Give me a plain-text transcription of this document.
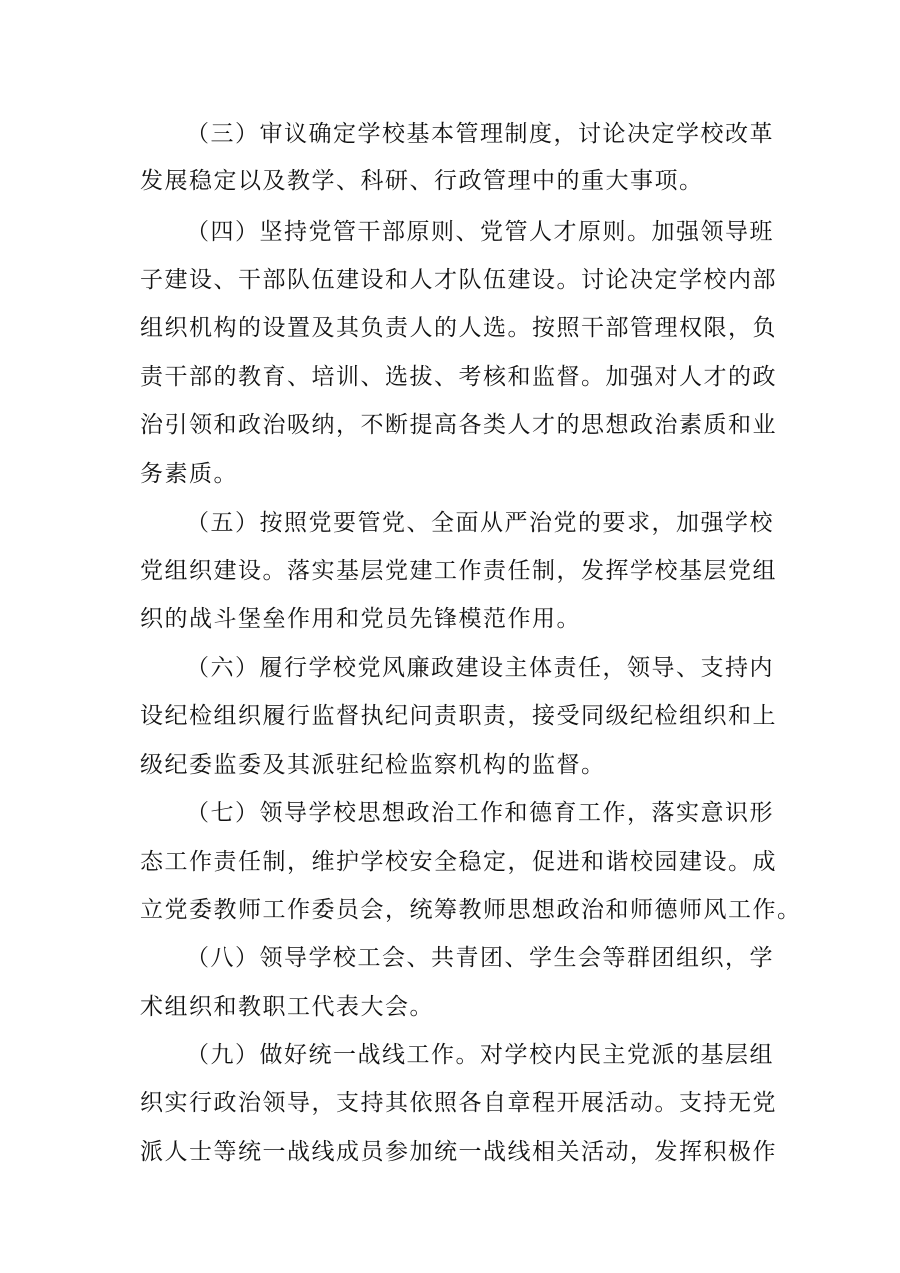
（三）审议确定学校基本管理制度，讨论决定学校改革
发展稳定以及教学、科研、行政管理中的重大事项。
（四）坚持党管干部原则、党管人才原则。加强领导班
子建设、干部队伍建设和人才队伍建设。讨论决定学校内部
组织机构的设置及其负责人的人选。按照干部管理权限，负
责干部的教育、培训、选拔、考核和监督。加强对人才的政
治引领和政治吸纳，不断提高各类人才的思想政治素质和业
务素质。
（五）按照党要管党、全面从严治党的要求，加强学校
党组织建设。落实基层党建工作责任制，发挥学校基层党组
织的战斗堡垒作用和党员先锋模范作用。
（六）履行学校党风廉政建设主体责任，领导、支持内
设纪检组织履行监督执纪问责职责，接受同级纪检组织和上
级纪委监委及其派驻纪检监察机构的监督。
（七）领导学校思想政治工作和德育工作，落实意识形
态工作责任制，维护学校安全稳定，促进和谐校园建设。成
立党委教师工作委员会，统筹教师思想政治和师德师风工作。
（八）领导学校工会、共青团、学生会等群团组织，学
术组织和教职工代表大会。
（九）做好统一战线工作。对学校内民主党派的基层组
织实行政治领导，支持其依照各自章程开展活动。支持无党
派人士等统一战线成员参加统一战线相关活动，发挥积极作
